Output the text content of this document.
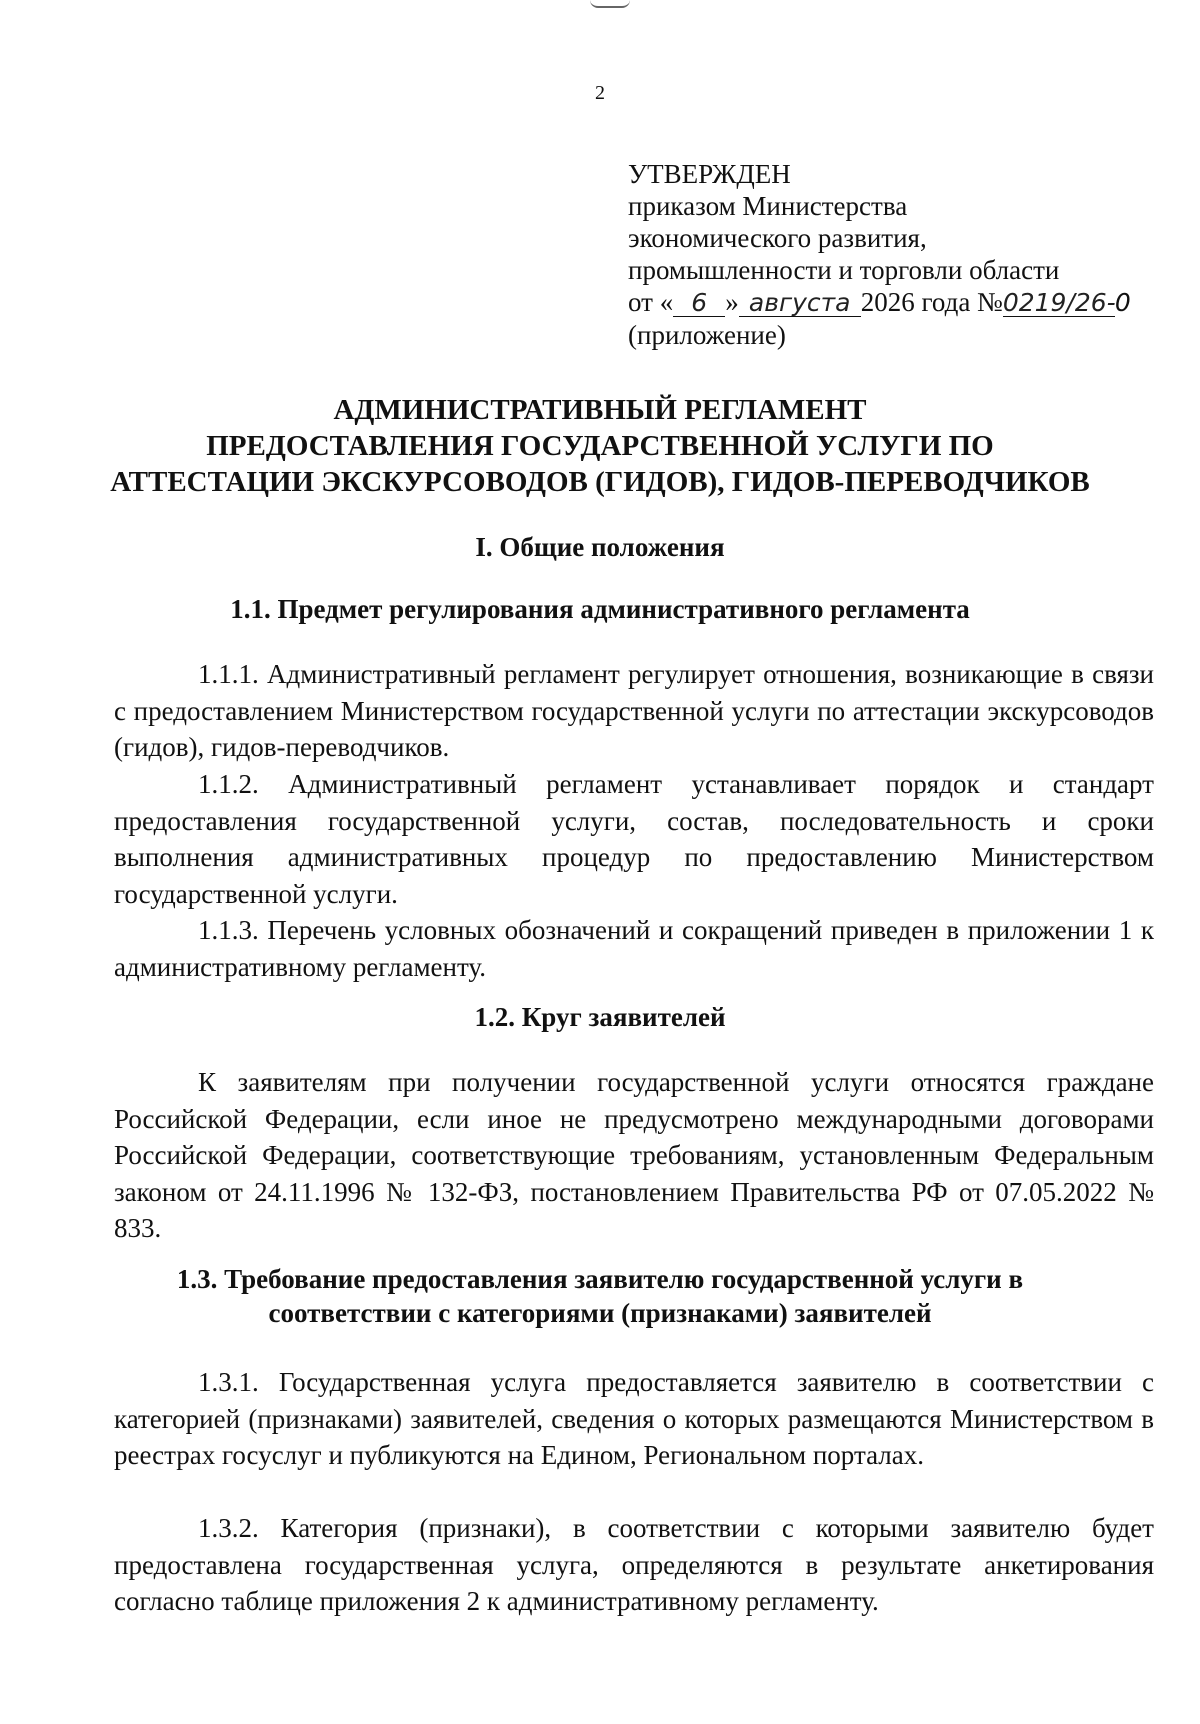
2
УТВЕРЖДЕН
приказом Министерства
экономического развития,
промышленности и торговли области
от « 6 » августа 2026 года №0219/26-0
(приложение)
АДМИНИСТРАТИВНЫЙ РЕГЛАМЕНТ
ПРЕДОСТАВЛЕНИЯ ГОСУДАРСТВЕННОЙ УСЛУГИ ПО
АТТЕСТАЦИИ ЭКСКУРСОВОДОВ (ГИДОВ), ГИДОВ-ПЕРЕВОДЧИКОВ
I. Общие положения
1.1. Предмет регулирования административного регламента

1.1.1. Административный регламент регулирует отношения, возникающие в связи с предоставлением Министерством государственной услуги по аттестации экскурсоводов (гидов), гидов-переводчиков.

1.1.2. Административный регламент устанавливает порядок и стандарт предоставления государственной услуги, состав, последовательность и сроки выполнения административных процедур по предоставлению Министерством государственной услуги.

1.1.3. Перечень условных обозначений и сокращений приведен в приложении 1 к административному регламенту.

1.2. Круг заявителей

К заявителям при получении государственной услуги относятся граждане Российской Федерации, если иное не предусмотрено международными договорами Российской Федерации, соответствующие требованиям, установленным Федеральным законом от 24.11.1996 № 132-ФЗ, постановлением Правительства РФ от 07.05.2022 № 833.

1.3. Требование предоставления заявителю государственной услуги в
соответствии с категориями (признаками) заявителей

1.3.1. Государственная услуга предоставляется заявителю в соответствии с категорией (признаками) заявителей, сведения о которых размещаются Министерством в реестрах госуслуг и публикуются на Едином, Региональном порталах.

1.3.2. Категория (признаки), в соответствии с которыми заявителю будет предоставлена государственная услуга, определяются в результате анкетирования согласно таблице приложения 2 к административному регламенту.
